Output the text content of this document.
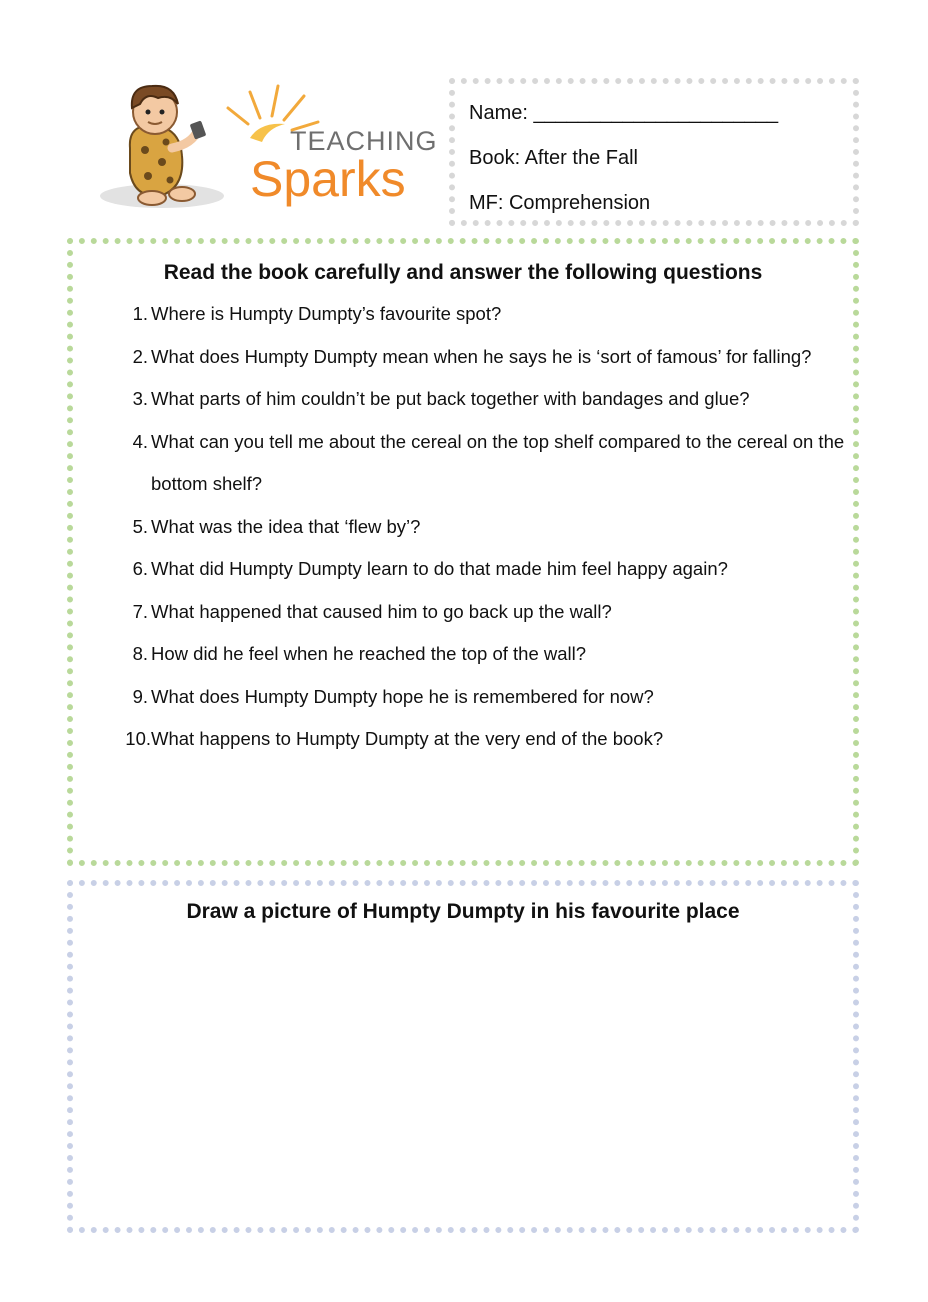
TEACHING
Sparks
Name: ______________________
Book: After the Fall
MF: Comprehension
Read the book carefully and answer the following questions
1. Where is Humpty Dumpty’s favourite spot?
2. What does Humpty Dumpty mean when he says he is ‘sort of famous’ for falling?
3. What parts of him couldn’t be put back together with bandages and glue?
4. What can you tell me about the cereal on the top shelf compared to the cereal on the bottom shelf?
5. What was the idea that ‘flew by’?
6. What did Humpty Dumpty learn to do that made him feel happy again?
7. What happened that caused him to go back up the wall?
8. How did he feel when he reached the top of the wall?
9. What does Humpty Dumpty hope he is remembered for now?
10. What happens to Humpty Dumpty at the very end of the book?
Draw a picture of Humpty Dumpty in his favourite place
